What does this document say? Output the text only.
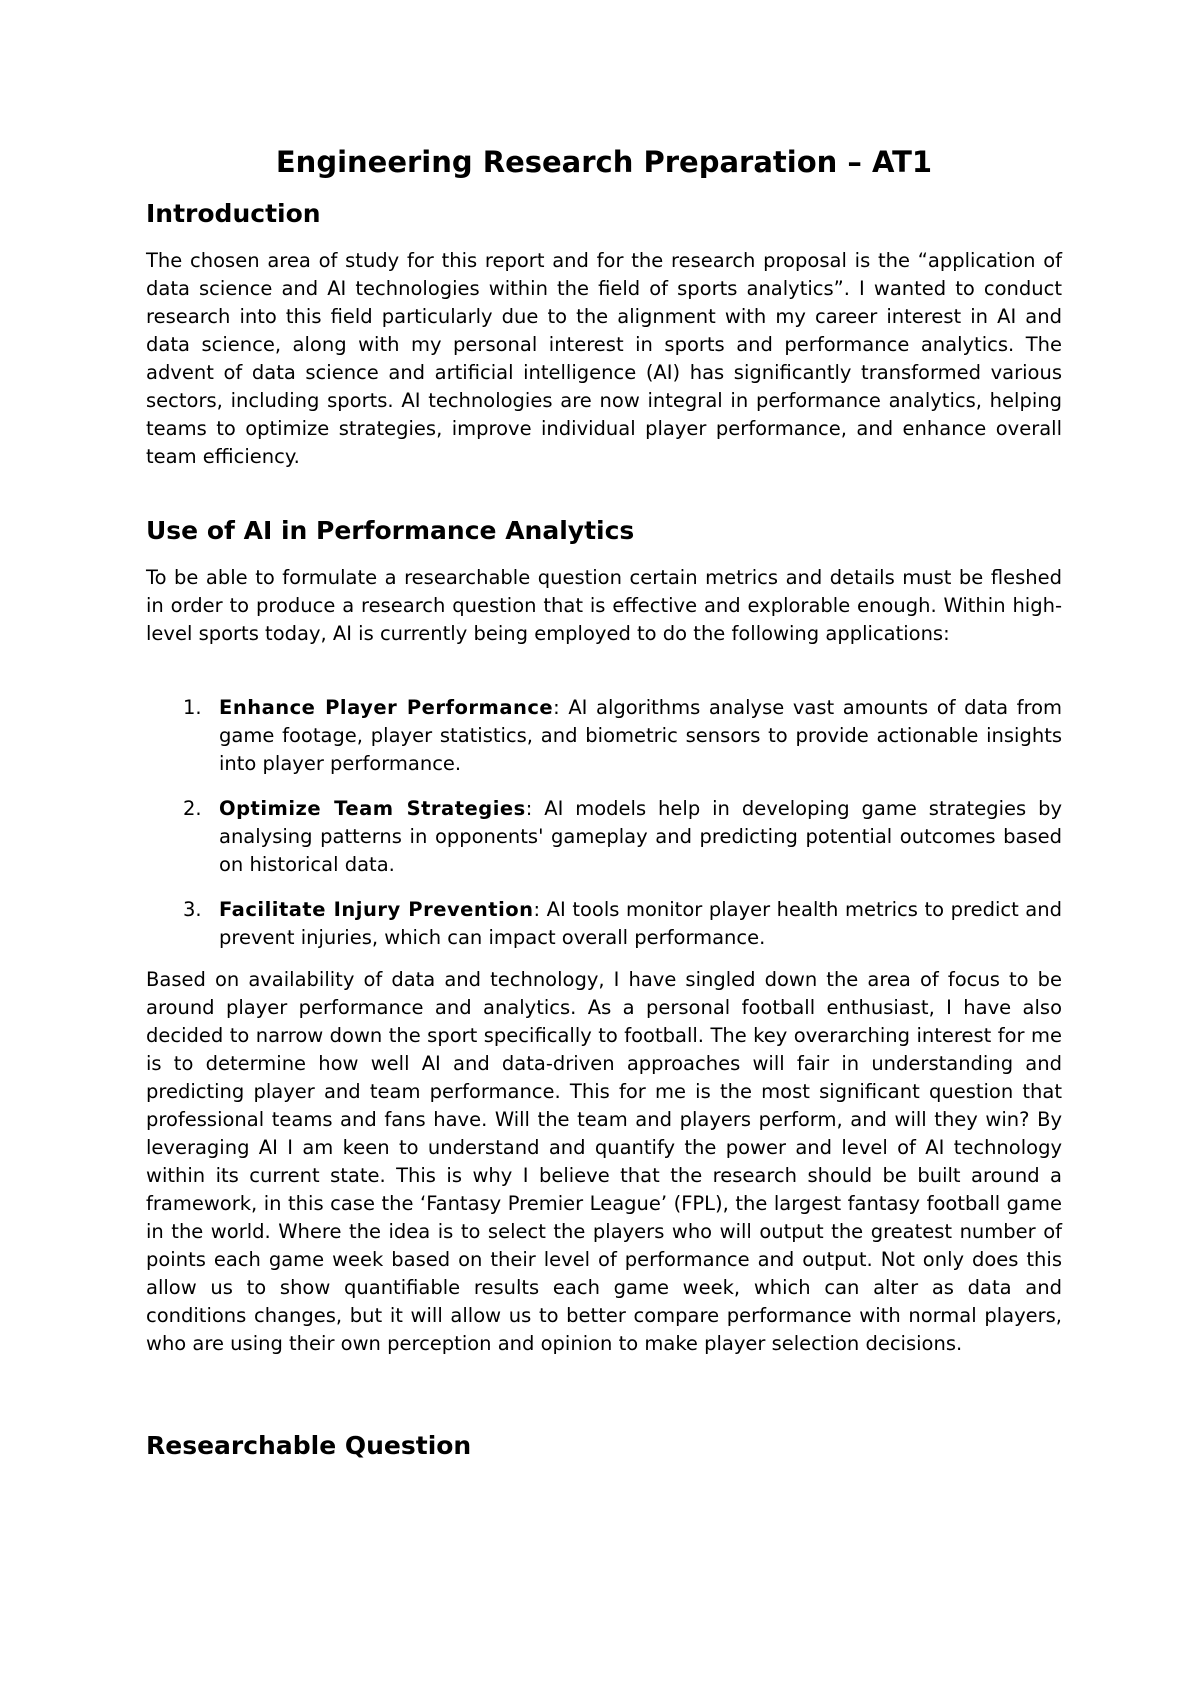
Engineering Research Preparation – AT1
Introduction

The chosen area of study for this report and for the research proposal is the “application of data science and AI technologies within the field of sports analytics”. I wanted to conduct research into this field particularly due to the alignment with my career interest in AI and data science, along with my personal interest in sports and performance analytics. The advent of data science and artificial intelligence (AI) has significantly transformed various sectors, including sports. AI technologies are now integral in performance analytics, helping teams to optimize strategies, improve individual player performance, and enhance overall team efficiency.

Use of AI in Performance Analytics

To be able to formulate a researchable question certain metrics and details must be fleshed in order to produce a research question that is effective and explorable enough. Within high-level sports today, AI is currently being employed to do the following applications:

1. Enhance Player Performance: AI algorithms analyse vast amounts of data from game footage, player statistics, and biometric sensors to provide actionable insights into player performance.
2. Optimize Team Strategies: AI models help in developing game strategies by analysing patterns in opponents' gameplay and predicting potential outcomes based on historical data.
3. Facilitate Injury Prevention: AI tools monitor player health metrics to predict and prevent injuries, which can impact overall performance.

Based on availability of data and technology, I have singled down the area of focus to be around player performance and analytics. As a personal football enthusiast, I have also decided to narrow down the sport specifically to football. The key overarching interest for me is to determine how well AI and data-driven approaches will fair in understanding and predicting player and team performance. This for me is the most significant question that professional teams and fans have. Will the team and players perform, and will they win? By leveraging AI I am keen to understand and quantify the power and level of AI technology within its current state. This is why I believe that the research should be built around a framework, in this case the ‘Fantasy Premier League’ (FPL), the largest fantasy football game in the world. Where the idea is to select the players who will output the greatest number of points each game week based on their level of performance and output. Not only does this allow us to show quantifiable results each game week, which can alter as data and conditions changes, but it will allow us to better compare performance with normal players, who are using their own perception and opinion to make player selection decisions.

Researchable Question
